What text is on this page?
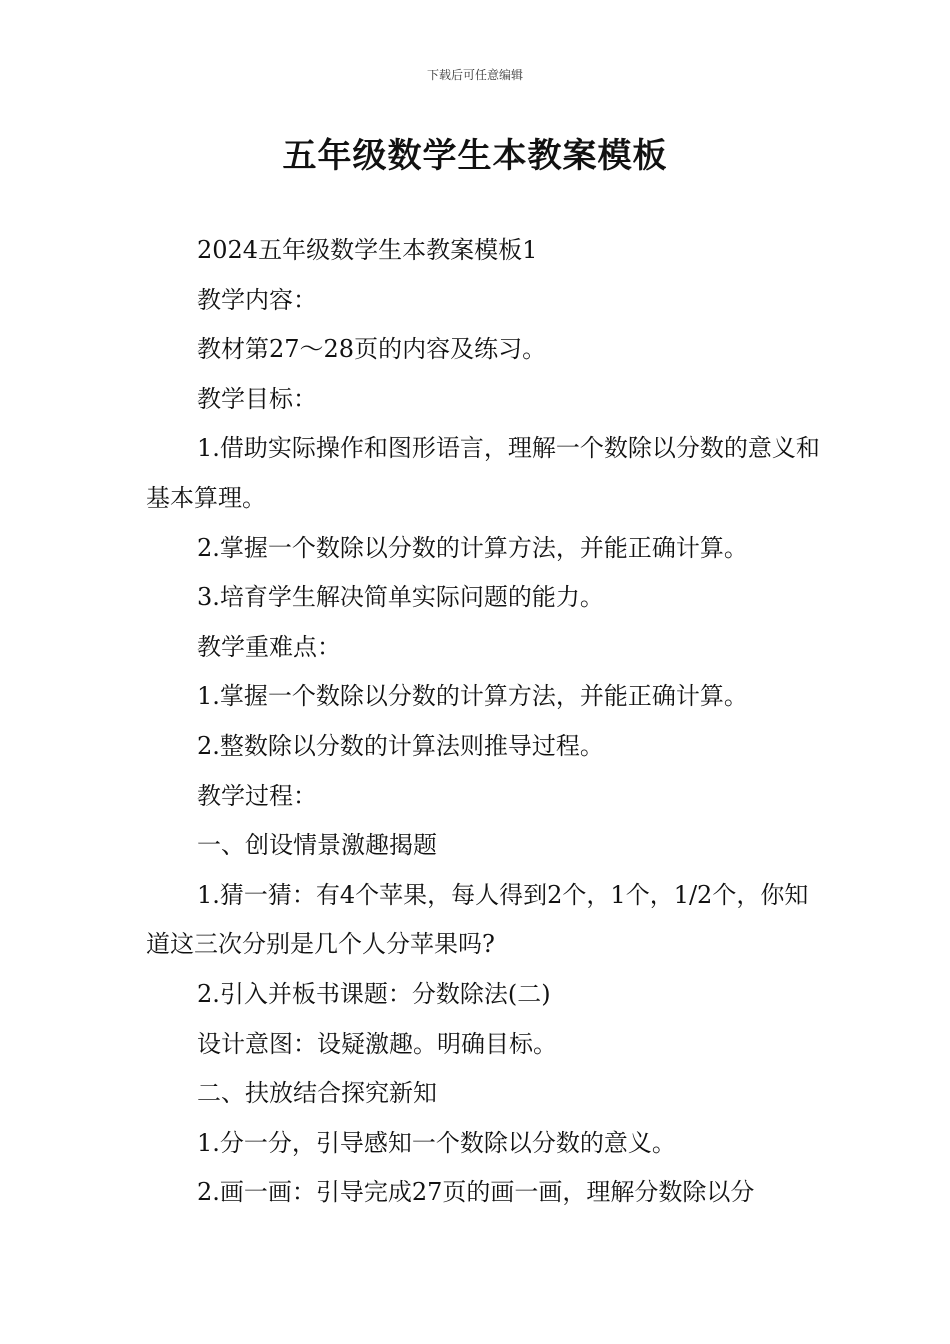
下载后可任意编辑
五年级数学生本教案模板

2024五年级数学生本教案模板1

教学内容：

教材第27～28页的内容及练习。

教学目标：

1.借助实际操作和图形语言，理解一个数除以分数的意义和基本算理。

2.掌握一个数除以分数的计算方法，并能正确计算。

3.培育学生解决简单实际问题的能力。

教学重难点：

1.掌握一个数除以分数的计算方法，并能正确计算。

2.整数除以分数的计算法则推导过程。

教学过程：

一、创设情景激趣揭题

1.猜一猜：有4个苹果，每人得到2个，1个，1/2个，你知道这三次分别是几个人分苹果吗?

2.引入并板书课题：分数除法(二)

设计意图：设疑激趣。明确目标。

二、扶放结合探究新知

1.分一分，引导感知一个数除以分数的意义。

2.画一画：引导完成27页的画一画，理解分数除以分
